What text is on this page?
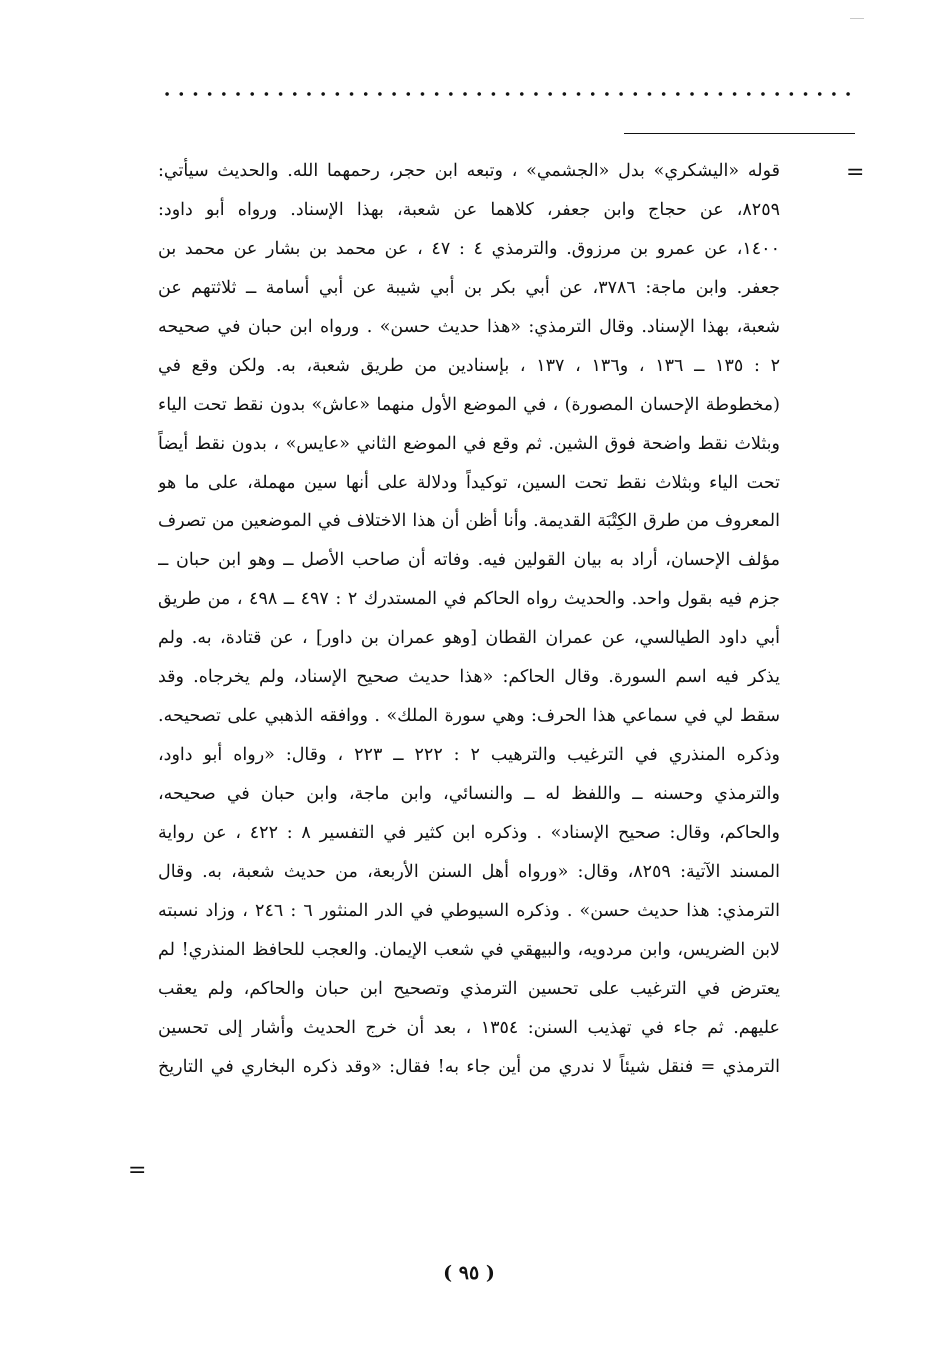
=
قوله «اليشكري» بدل «الجشمي» ، وتبعه ابن حجر، رحمهما الله. والحديث سيأتي:
٨٢٥٩، عن حجاج وابن جعفر، كلاهما عن شعبة، بهذا الإسناد. ورواه أبو داود:
١٤٠٠، عن عمرو بن مرزوق. والترمذي ٤ : ٤٧ ، عن محمد بن بشار عن محمد بن
جعفر. وابن ماجة: ٣٧٨٦، عن أبي بكر بن أبي شيبة عن أبي أسامة ــ ثلاثتهم عن
شعبة، بهذا الإسناد. وقال الترمذي: «هذا حديث حسن» . ورواه ابن حبان في صحيحه
٢ : ١٣٥ ــ ١٣٦ ، و١٣٦ ، ١٣٧ ، بإسنادين من طريق شعبة، به. ولكن وقع في
(مخطوطة الإحسان المصورة) ، في الموضع الأول منهما «عاش» بدون نقط تحت الياء
وبثلاث نقط واضحة فوق الشين. ثم وقع في الموضع الثاني «عايس» ، بدون نقط أيضاً
تحت الياء وبثلاث نقط تحت السين، توكيداً ودلالة على أنها سين مهملة، على ما هو
المعروف من طرق الكِتْبَة القديمة. وأنا أظن أن هذا الاختلاف في الموضعين من تصرف
مؤلف الإحسان، أراد به بيان القولين فيه. وفاته أن صاحب الأصل ــ وهو ابن حبان ــ
جزم فيه بقول واحد. والحديث رواه الحاكم في المستدرك ٢ : ٤٩٧ ــ ٤٩٨ ، من طريق
أبي داود الطيالسي، عن عمران القطان [وهو عمران بن داور] ، عن قتادة، به. ولم
يذكر فيه اسم السورة. وقال الحاكم: «هذا حديث صحيح الإسناد، ولم يخرجاه. وقد
سقط لي في سماعي هذا الحرف: وهي سورة الملك» . ووافقه الذهبي على تصحيحه.
وذكره المنذري في الترغيب والترهيب ٢ : ٢٢٢ ــ ٢٢٣ ، وقال: «رواه أبو داود،
والترمذي وحسنه ــ واللفظ له ــ والنسائي، وابن ماجة، وابن حبان في صحيحه،
والحاكم، وقال: صحيح الإسناد» . وذكره ابن كثير في التفسير ٨ : ٤٢٢ ، عن رواية
المسند الآتية: ٨٢٥٩، وقال: «ورواه أهل السنن الأربعة، من حديث شعبة، به. وقال
الترمذي: هذا حديث حسن» . وذكره السيوطي في الدر المنثور ٦ : ٢٤٦ ، وزاد نسبته
لابن الضريس، وابن مردويه، والبيهقي في شعب الإيمان. والعجب للحافظ المنذري! لم
يعترض في الترغيب على تحسين الترمذي وتصحيح ابن حبان والحاكم، ولم يعقب
عليهم. ثم جاء في تهذيب السنن: ١٣٥٤ ، بعد أن خرج الحديث وأشار إلى تحسين
الترمذي = فنقل شيئاً لا ندري من أين جاء به! فقال: «وقد ذكره البخاري في التاريخ
=
( ٩٥ )
